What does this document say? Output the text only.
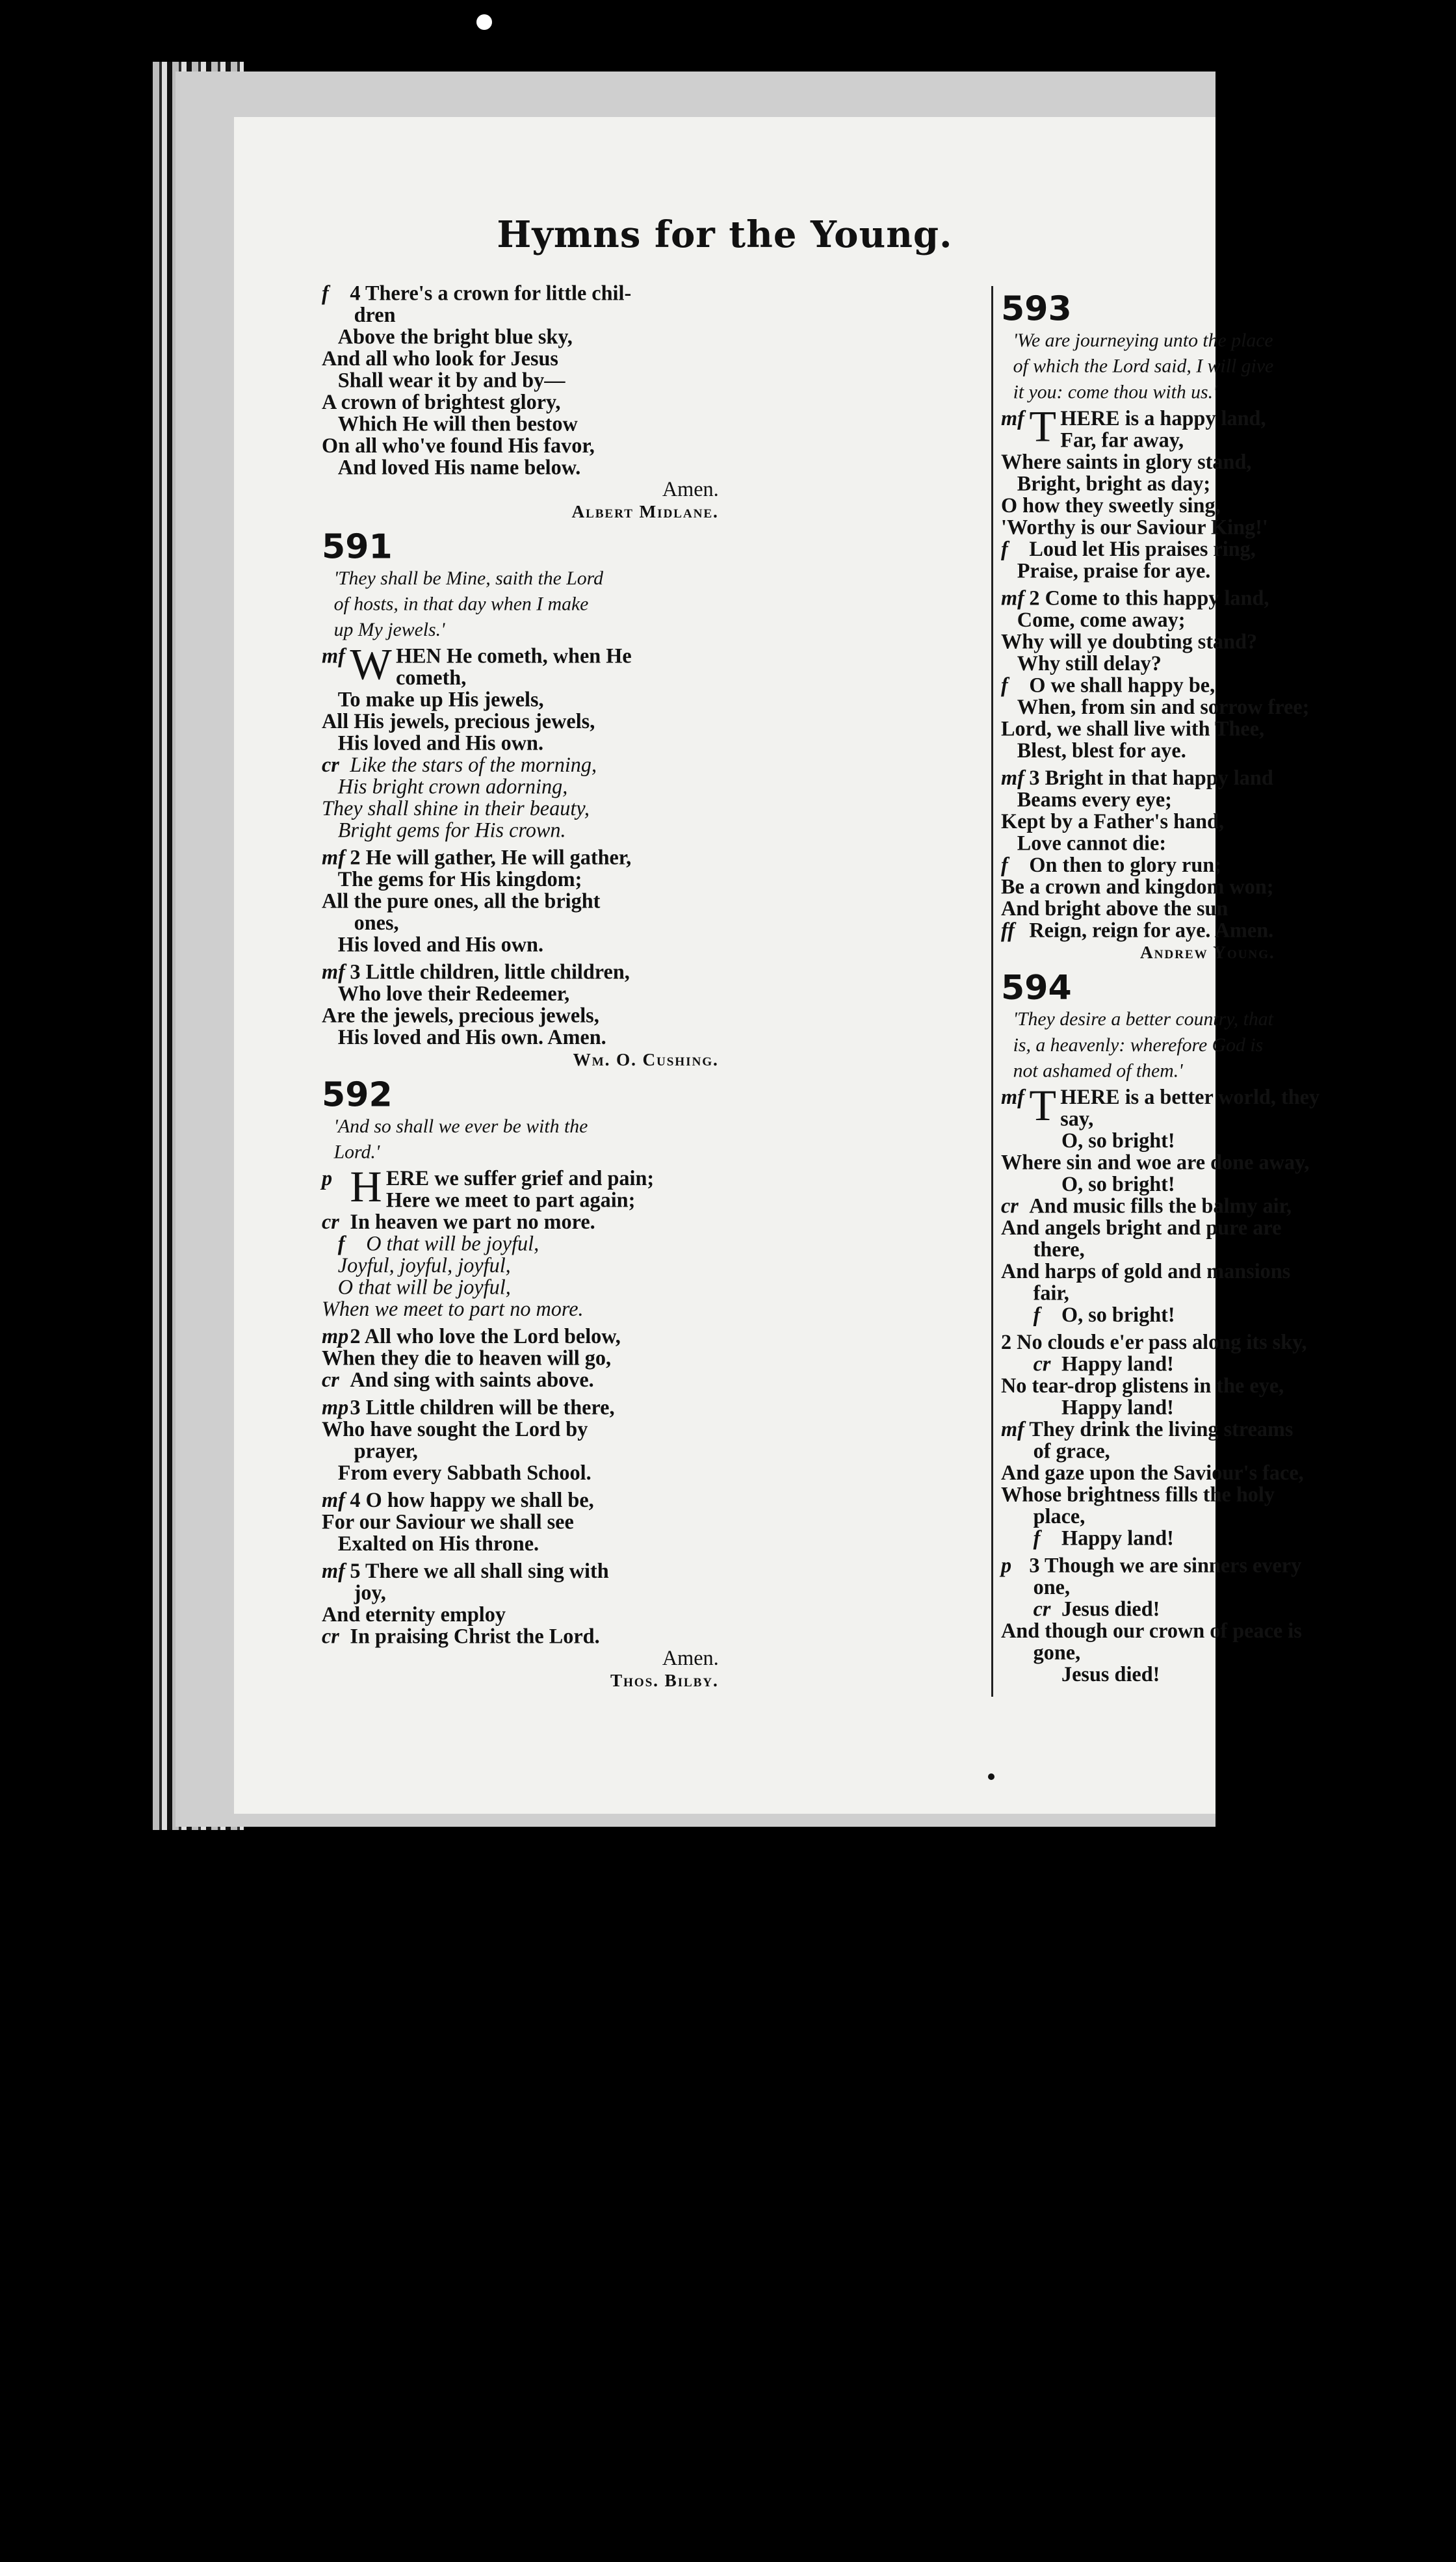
Hymns for the Young.
f 4 There's a crown for little chil-
dren
Above the bright blue sky,
And all who look for Jesus
Shall wear it by and by—
A crown of brightest glory,
Which He will then bestow
On all who've found His favor,
And loved His name below.
Amen.
Albert Midlane.
591
'They shall be Mine, saith the Lord
of hosts, in that day when I make
up My jewels.'
mf W HEN He cometh, when He
cometh,
To make up His jewels,
All His jewels, precious jewels,
His loved and His own.
cr Like the stars of the morning,
His bright crown adorning,
They shall shine in their beauty,
Bright gems for His crown.
mf 2 He will gather, He will gather,
The gems for His kingdom;
All the pure ones, all the bright
ones,
His loved and His own.
mf 3 Little children, little children,
Who love their Redeemer,
Are the jewels, precious jewels,
His loved and His own. Amen.
Wm. O. Cushing.
592
'And so shall we ever be with the
Lord.'
p H ERE we suffer grief and pain;
Here we meet to part again;
cr In heaven we part no more.
f O that will be joyful,
Joyful, joyful, joyful,
O that will be joyful,
When we meet to part no more.
mp2 All who love the Lord below,
When they die to heaven will go,
cr And sing with saints above.
mp3 Little children will be there,
Who have sought the Lord by
prayer,
From every Sabbath School.
mf 4 O how happy we shall be,
For our Saviour we shall see
Exalted on His throne.
mf 5 There we all shall sing with
joy,
And eternity employ
cr In praising Christ the Lord.
Amen.
Thos. Bilby.
593
'We are journeying unto the place
of which the Lord said, I will give
it you: come thou with us.'
mf T HERE is a happy land,
Far, far away,
Where saints in glory stand,
Bright, bright as day;
O how they sweetly sing,
'Worthy is our Saviour King!'
f Loud let His praises ring,
Praise, praise for aye.
mf 2 Come to this happy land,
Come, come away;
Why will ye doubting stand?
Why still delay?
f O we shall happy be,
When, from sin and sorrow free;
Lord, we shall live with Thee,
Blest, blest for aye.
mf 3 Bright in that happy land
Beams every eye;
Kept by a Father's hand,
Love cannot die:
f On then to glory run;
Be a crown and kingdom won;
And bright above the sun
ff Reign, reign for aye. Amen.
Andrew Young.
594
'They desire a better country, that
is, a heavenly: wherefore God is
not ashamed of them.'
mf T HERE is a better world, they
say,
O, so bright!
Where sin and woe are done away,
O, so bright!
cr And music fills the balmy air,
And angels bright and pure are
there,
And harps of gold and mansions
fair,
f O, so bright!
2 No clouds e'er pass along its sky,
cr Happy land!
No tear-drop glistens in the eye,
Happy land!
mf They drink the living streams
of grace,
And gaze upon the Saviour's face,
Whose brightness fills the holy
place,
f Happy land!
p 3 Though we are sinners every
one,
cr Jesus died!
And though our crown of peace is
gone,
Jesus died!
